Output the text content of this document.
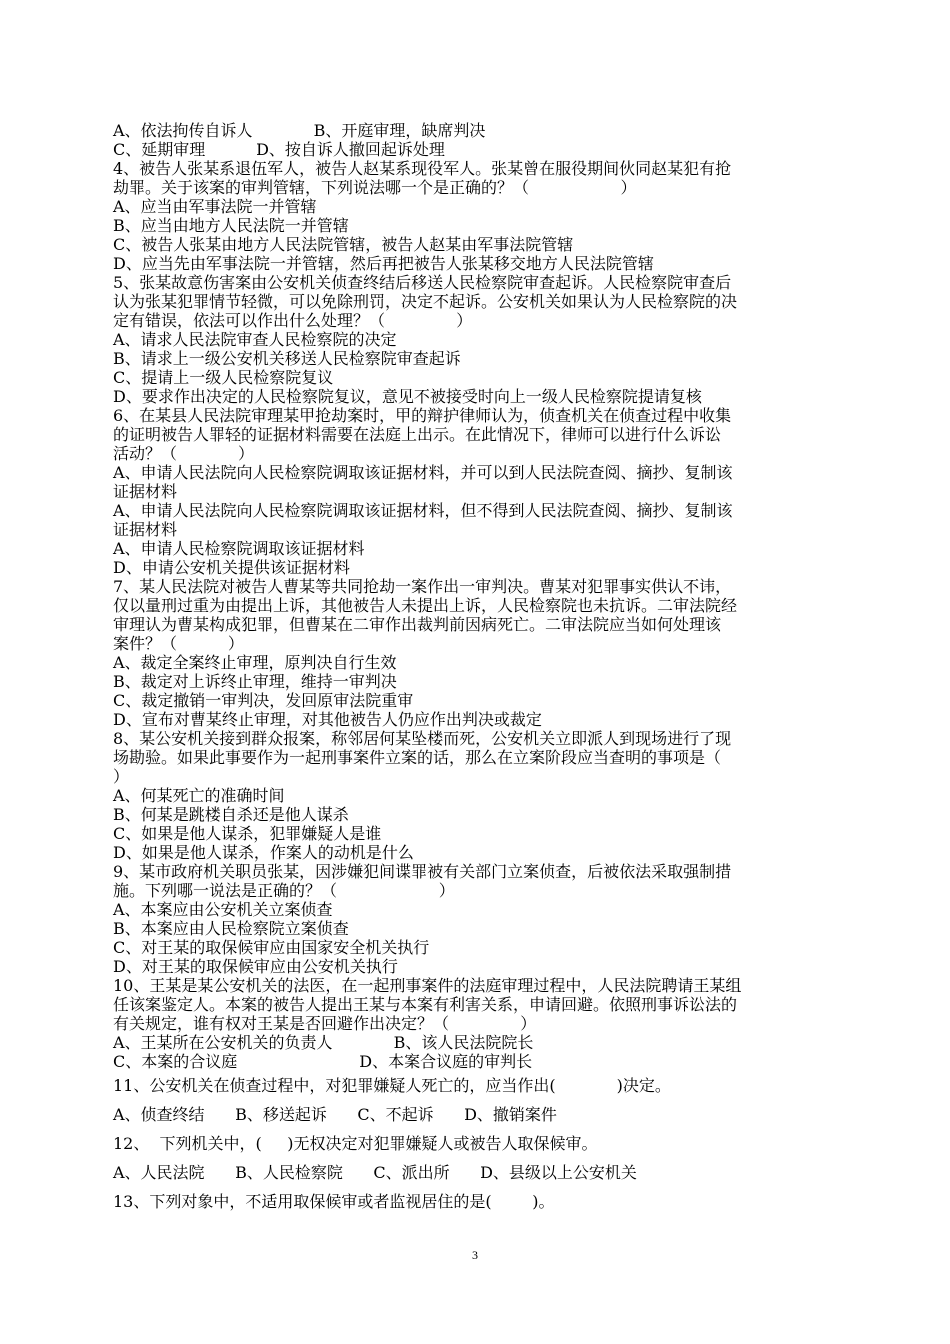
A、依法拘传自诉人            B、开庭审理，缺席判决
C、延期审理          D、按自诉人撤回起诉处理
4、被告人张某系退伍军人，被告人赵某系现役军人。张某曾在服役期间伙同赵某犯有抢
劫罪。关于该案的审判管辖，下列说法哪一个是正确的？（                  ）
A、应当由军事法院一并管辖
B、应当由地方人民法院一并管辖
C、被告人张某由地方人民法院管辖，被告人赵某由军事法院管辖
D、应当先由军事法院一并管辖，然后再把被告人张某移交地方人民法院管辖
5、张某故意伤害案由公安机关侦查终结后移送人民检察院审查起诉。人民检察院审查后
认为张某犯罪情节轻微，可以免除刑罚，决定不起诉。公安机关如果认为人民检察院的决
定有错误，依法可以作出什么处理？（              ）
A、请求人民法院审查人民检察院的决定
B、请求上一级公安机关移送人民检察院审查起诉
C、提请上一级人民检察院复议
D、要求作出决定的人民检察院复议，意见不被接受时向上一级人民检察院提请复核
6、在某县人民法院审理某甲抢劫案时，甲的辩护律师认为，侦查机关在侦查过程中收集
的证明被告人罪轻的证据材料需要在法庭上出示。在此情况下，律师可以进行什么诉讼
活动？（            ）
A、申请人民法院向人民检察院调取该证据材料，并可以到人民法院查阅、摘抄、复制该
证据材料
A、申请人民法院向人民检察院调取该证据材料，但不得到人民法院查阅、摘抄、复制该
证据材料
A、申请人民检察院调取该证据材料
D、申请公安机关提供该证据材料
7、某人民法院对被告人曹某等共同抢劫一案作出一审判决。曹某对犯罪事实供认不讳，
仅以量刑过重为由提出上诉，其他被告人未提出上诉，人民检察院也未抗诉。二审法院经
审理认为曹某构成犯罪，但曹某在二审作出裁判前因病死亡。二审法院应当如何处理该
案件？（          ）
A、裁定全案终止审理，原判决自行生效
B、裁定对上诉终止审理，维持一审判决
C、裁定撤销一审判决，发回原审法院重审
D、宣布对曹某终止审理，对其他被告人仍应作出判决或裁定
8、某公安机关接到群众报案，称邻居何某坠楼而死，公安机关立即派人到现场进行了现
场勘验。如果此事要作为一起刑事案件立案的话，那么在立案阶段应当查明的事项是（
）
A、何某死亡的准确时间
B、何某是跳楼自杀还是他人谋杀
C、如果是他人谋杀，犯罪嫌疑人是谁
D、如果是他人谋杀，作案人的动机是什么
9、某市政府机关职员张某，因涉嫌犯间谍罪被有关部门立案侦查，后被依法采取强制措
施。下列哪一说法是正确的？（                    ）
A、本案应由公安机关立案侦查
B、本案应由人民检察院立案侦查
C、对王某的取保候审应由国家安全机关执行
D、对王某的取保候审应由公安机关执行
10、王某是某公安机关的法医，在一起刑事案件的法庭审理过程中，人民法院聘请王某组
任该案鉴定人。本案的被告人提出王某与本案有利害关系，申请回避。依照刑事诉讼法的
有关规定，谁有权对王某是否回避作出决定？（              ）
A、王某所在公安机关的负责人            B、该人民法院院长
C、本案的合议庭                        D、本案合议庭的审判长
11、公安机关在侦查过程中，对犯罪嫌疑人死亡的，应当作出(            )决定。
A、侦查终结      B、移送起诉      C、不起诉      D、撤销案件
12、  下列机关中，(     )无权决定对犯罪嫌疑人或被告人取保候审。
A、人民法院      B、人民检察院      C、派出所      D、县级以上公安机关
13、下列对象中，不适用取保候审或者监视居住的是(        )。
3
